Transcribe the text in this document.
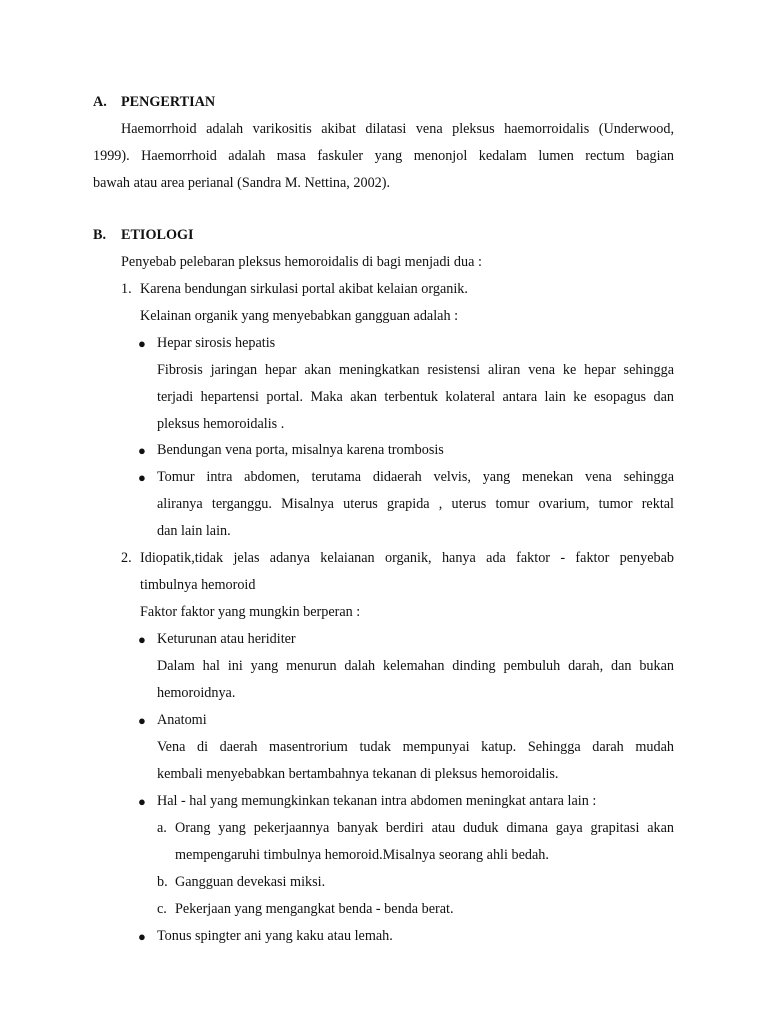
A. PENGERTIAN
Haemorrhoid adalah varikositis akibat dilatasi vena pleksus haemorroidalis (Underwood,
1999). Haemorrhoid adalah masa faskuler yang menonjol kedalam lumen rectum bagian
bawah atau area perianal (Sandra M. Nettina, 2002).
B. ETIOLOGI
Penyebab pelebaran pleksus hemoroidalis di bagi menjadi dua :
1. Karena bendungan sirkulasi portal akibat kelaian organik.
Kelainan organik yang menyebabkan gangguan adalah :
● Hepar sirosis hepatis
Fibrosis jaringan hepar akan meningkatkan resistensi aliran vena ke hepar sehingga
terjadi hepartensi portal. Maka akan terbentuk kolateral antara lain ke esopagus dan
pleksus hemoroidalis .
● Bendungan vena porta, misalnya karena trombosis
● Tomur intra abdomen, terutama didaerah velvis, yang menekan vena sehingga
aliranya terganggu. Misalnya uterus grapida , uterus tomur ovarium, tumor rektal
dan lain lain.
2. Idiopatik,tidak jelas adanya kelaianan organik, hanya ada faktor - faktor penyebab
timbulnya hemoroid
Faktor faktor yang mungkin berperan :
● Keturunan atau heriditer
Dalam hal ini yang menurun dalah kelemahan dinding pembuluh darah, dan bukan
hemoroidnya.
● Anatomi
Vena di daerah masentrorium tudak mempunyai katup. Sehingga darah mudah
kembali menyebabkan bertambahnya tekanan di pleksus hemoroidalis.
● Hal - hal yang memungkinkan tekanan intra abdomen meningkat antara lain :
a. Orang yang pekerjaannya banyak berdiri atau duduk dimana gaya grapitasi akan
mempengaruhi timbulnya hemoroid.Misalnya seorang ahli bedah.
b. Gangguan devekasi miksi.
c. Pekerjaan yang mengangkat benda - benda berat.
● Tonus spingter ani yang kaku atau lemah.
